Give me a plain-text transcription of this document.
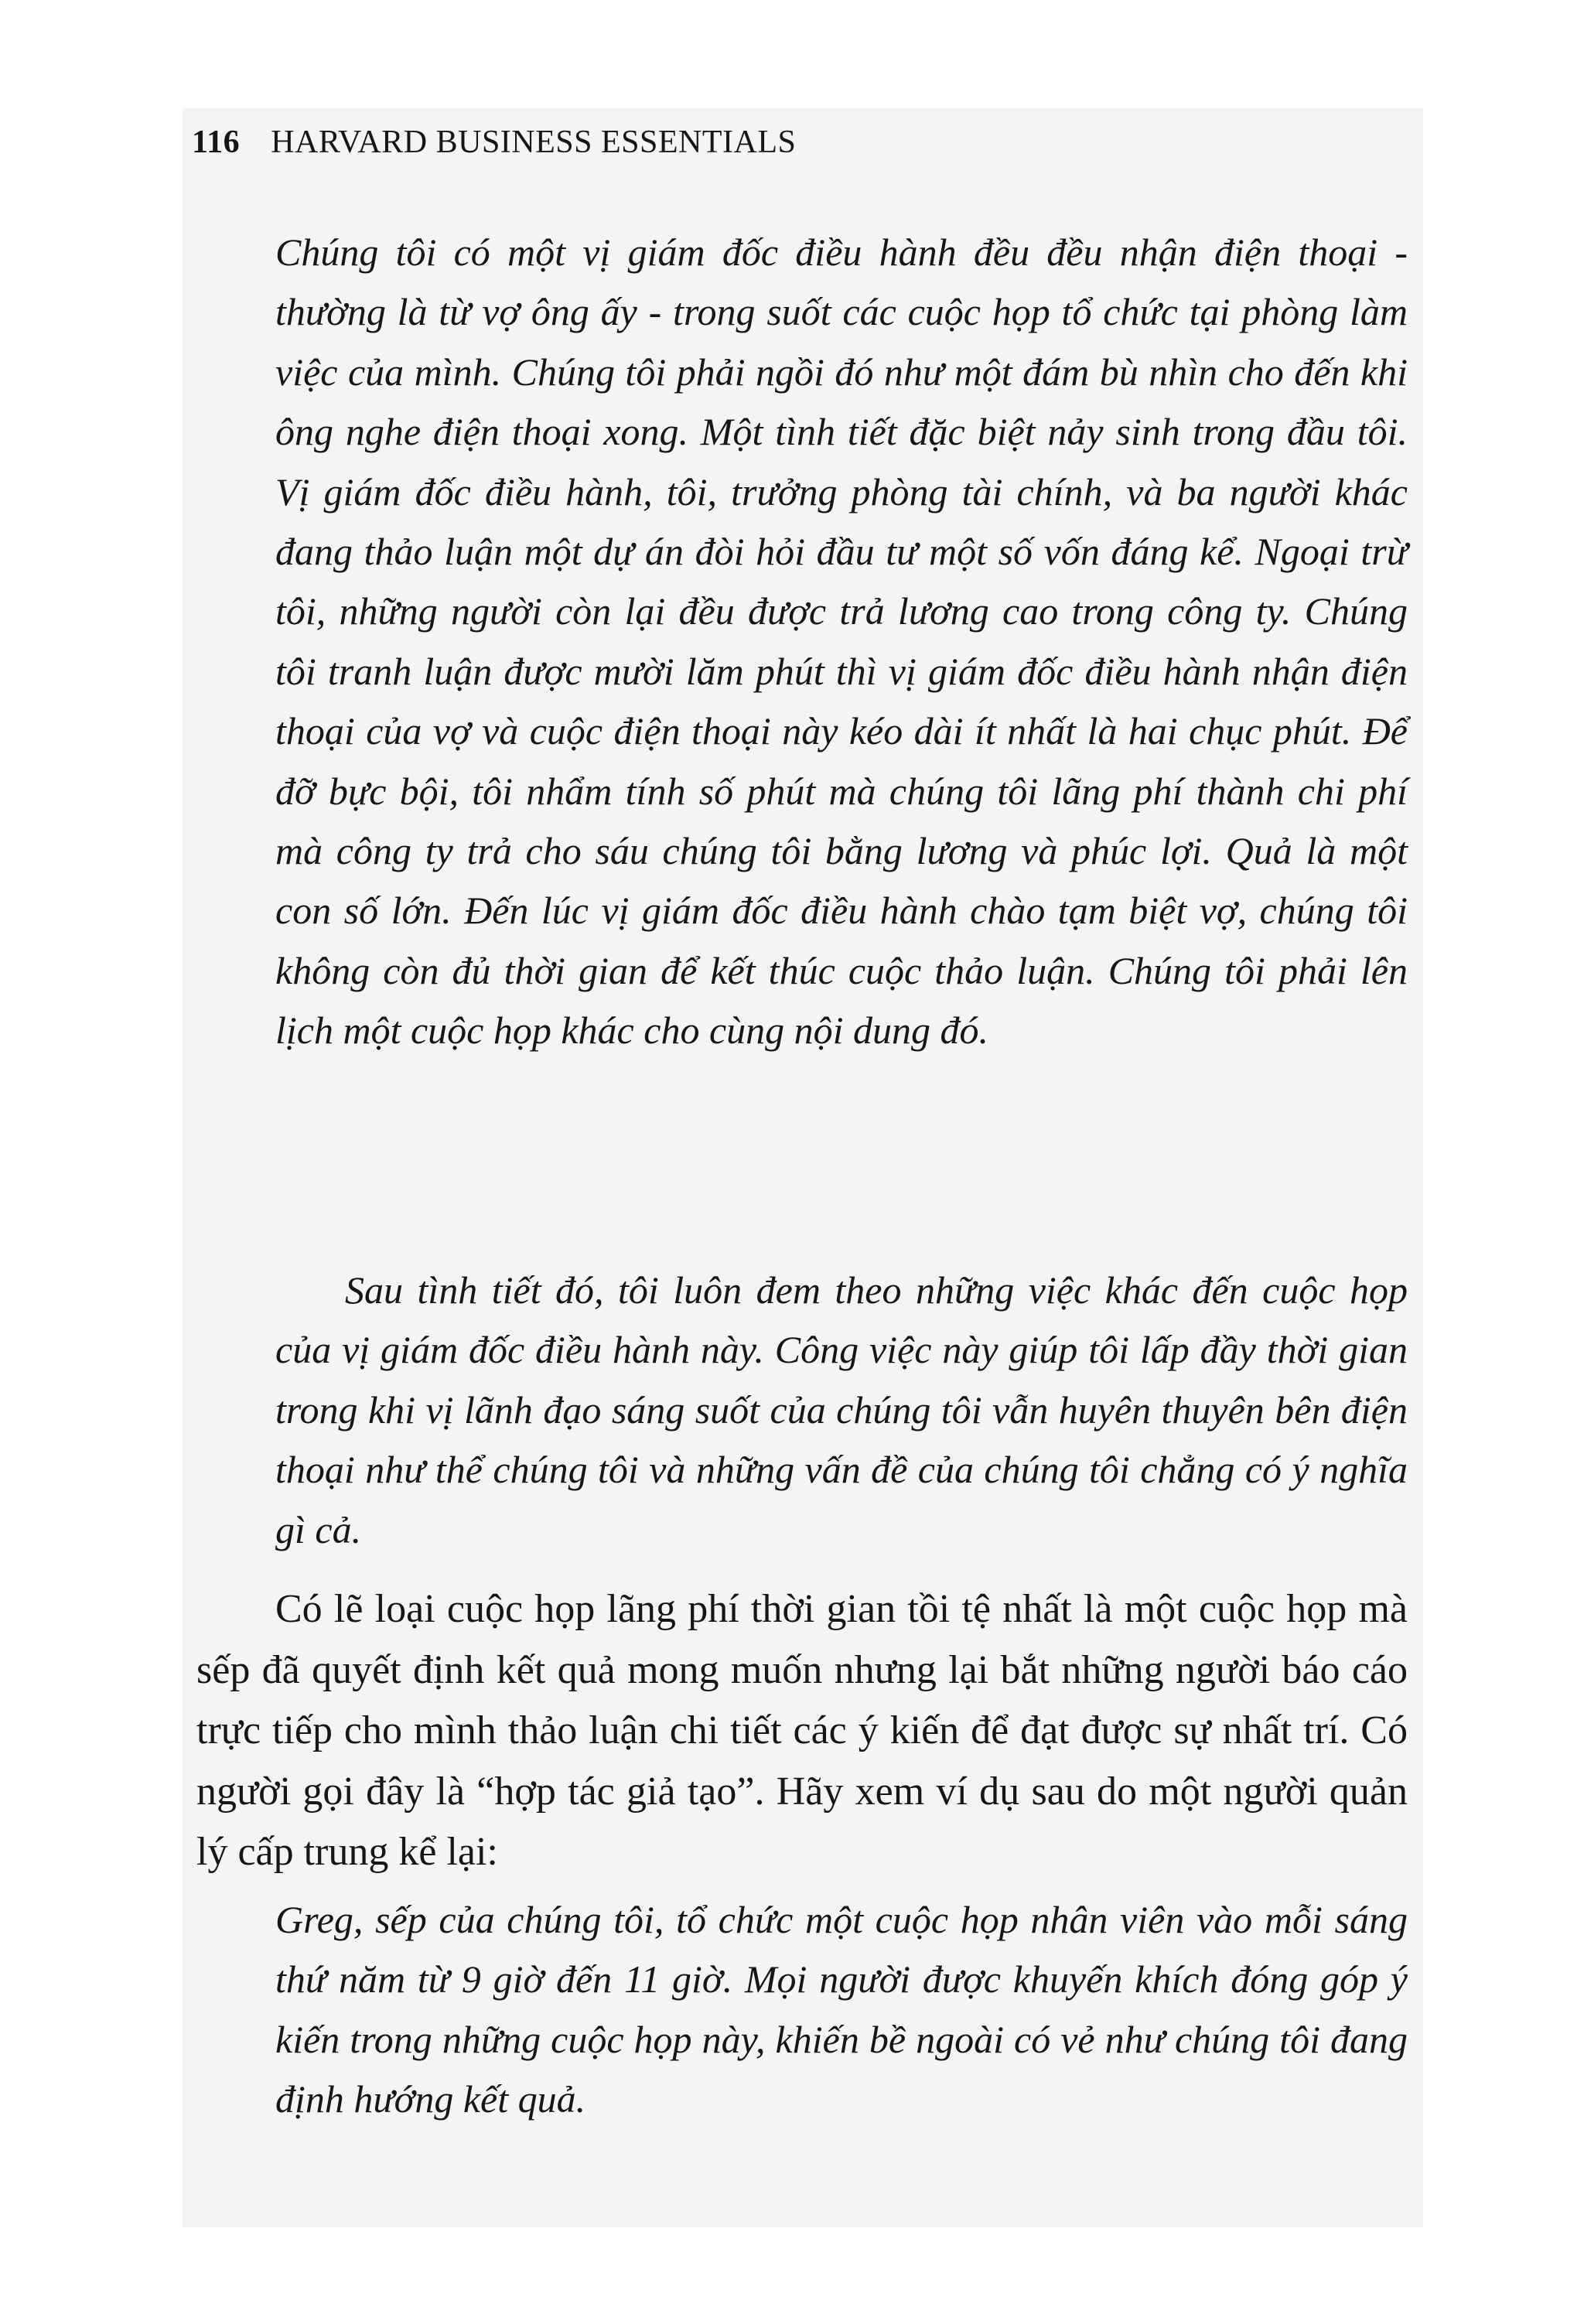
116 HARVARD BUSINESS ESSENTIALS

Chúng tôi có một vị giám đốc điều hành đều đều nhận điện thoại - thường là từ vợ ông ấy - trong suốt các cuộc họp tổ chức tại phòng làm việc của mình. Chúng tôi phải ngồi đó như một đám bù nhìn cho đến khi ông nghe điện thoại xong. Một tình tiết đặc biệt nảy sinh trong đầu tôi. Vị giám đốc điều hành, tôi, trưởng phòng tài chính, và ba người khác đang thảo luận một dự án đòi hỏi đầu tư một số vốn đáng kể. Ngoại trừ tôi, những người còn lại đều được trả lương cao trong công ty. Chúng tôi tranh luận được mười lăm phút thì vị giám đốc điều hành nhận điện thoại của vợ và cuộc điện thoại này kéo dài ít nhất là hai chục phút. Để đỡ bực bội, tôi nhẩm tính số phút mà chúng tôi lãng phí thành chi phí mà công ty trả cho sáu chúng tôi bằng lương và phúc lợi. Quả là một con số lớn. Đến lúc vị giám đốc điều hành chào tạm biệt vợ, chúng tôi không còn đủ thời gian để kết thúc cuộc thảo luận. Chúng tôi phải lên lịch một cuộc họp khác cho cùng nội dung đó.

Sau tình tiết đó, tôi luôn đem theo những việc khác đến cuộc họp của vị giám đốc điều hành này. Công việc này giúp tôi lấp đầy thời gian trong khi vị lãnh đạo sáng suốt của chúng tôi vẫn huyên thuyên bên điện thoại như thể chúng tôi và những vấn đề của chúng tôi chẳng có ý nghĩa gì cả.

Có lẽ loại cuộc họp lãng phí thời gian tồi tệ nhất là một cuộc họp mà sếp đã quyết định kết quả mong muốn nhưng lại bắt những người báo cáo trực tiếp cho mình thảo luận chi tiết các ý kiến để đạt được sự nhất trí. Có người gọi đây là “hợp tác giả tạo”. Hãy xem ví dụ sau do một người quản lý cấp trung kể lại:

Greg, sếp của chúng tôi, tổ chức một cuộc họp nhân viên vào mỗi sáng thứ năm từ 9 giờ đến 11 giờ. Mọi người được khuyến khích đóng góp ý kiến trong những cuộc họp này, khiến bề ngoài có vẻ như chúng tôi đang định hướng kết quả.
